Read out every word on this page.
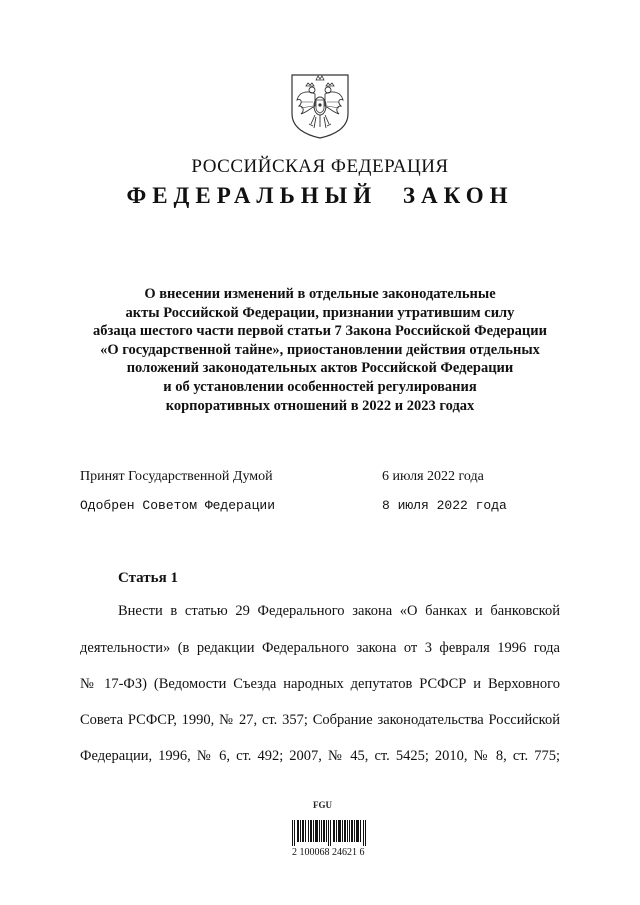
РОССИЙСКАЯ ФЕДЕРАЦИЯ
ФЕДЕРАЛЬНЫЙ ЗАКОН
О внесении изменений в отдельные законодательные
акты Российской Федерации, признании утратившим силу
абзаца шестого части первой статьи 7 Закона Российской Федерации
«О государственной тайне», приостановлении действия отдельных
положений законодательных актов Российской Федерации
и об установлении особенностей регулирования
корпоративных отношений в 2022 и 2023 годах
Принят Государственной Думой	6 июля 2022 года
Одобрен Советом Федерации	8 июля 2022 года
Статья 1
Внести в статью 29 Федерального закона «О банках и банковской
деятельности» (в редакции Федерального закона от 3 февраля 1996 года
№ 17-ФЗ) (Ведомости Съезда народных депутатов РСФСР и Верховного
Совета РСФСР, 1990, № 27, ст. 357; Собрание законодательства Российской
Федерации, 1996, № 6, ст. 492; 2007, № 45, ст. 5425; 2010, № 8, ст. 775;
FGU
2 100068 24621 6
